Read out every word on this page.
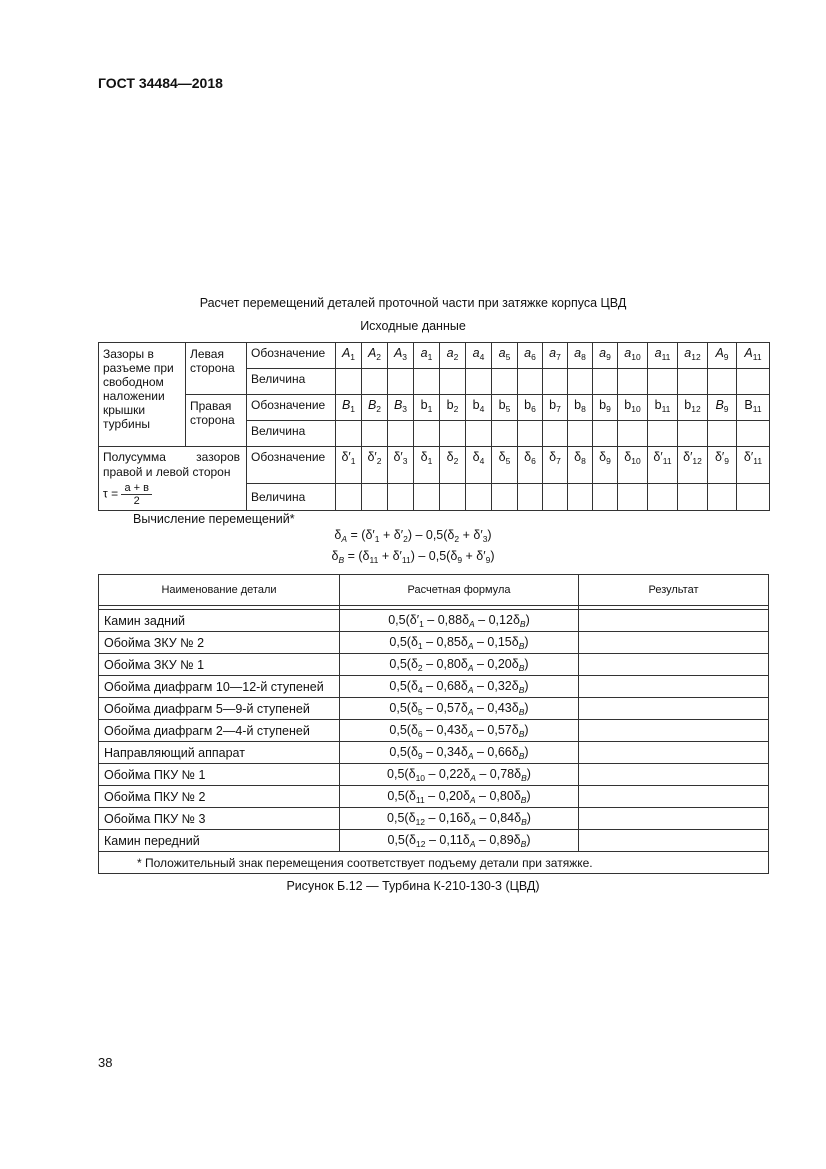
ГОСТ 34484—2018
Расчет перемещений деталей проточной части при затяжке корпуса ЦВД
Исходные данные
Зазоры в разъеме при свободном наложении крышки турбины	Левая сторона	Обозначение	$A_1$	$A_2$	$A_3$	$a_1$	$a_2$	$a_4$	$a_5$	$a_6$	$a_7$	$a_8$	$a_9$	$a_{10}$	$a_{11}$	$a_{12}$	$A_9$	$A_{11}$
		Величина																
	Правая сторона	Обозначение	$B_1$	$B_2$	$B_3$	$b_1$	$b_2$	$b_4$	$b_5$	$b_6$	$b_7$	$b_8$	$b_9$	$b_{10}$	$b_{11}$	$b_{12}$	$B_9$	$B_{11}$
		Величина																

Полусумма зазоров правой и левой сторон
$\tau = \frac{a + в}{2}$		Обозначение	$\delta'_1$	$\delta'_2$	$\delta'_3$	$\delta_1$	$\delta_2$	$\delta_4$	$\delta_5$	$\delta_6$	$\delta_7$	$\delta_8$	$\delta_9$	$\delta_{10}$	$\delta'_{11}$	$\delta'_{12}$	$\delta'_9$	$\delta'_{11}$
		Величина																
Вычисление перемещений*
$\delta_A = (\delta'_1 + \delta'_2) - 0,5(\delta_2 + \delta'_3)$
$\delta_B = (\delta_{11} + \delta'_{11}) - 0,5(\delta_9 + \delta'_9)$
Наименование детали	Расчетная формула	Результат

Камин задний	$0,5(\delta'_1 - 0,88\delta_A - 0,12\delta_B)$	
Обойма ЗКУ № 2	$0,5(\delta_1 - 0,85\delta_A - 0,15\delta_B)$	
Обойма ЗКУ № 1	$0,5(\delta_2 - 0,80\delta_A - 0,20\delta_B)$	
Обойма диафрагм 10—12-й ступеней	$0,5(\delta_4 - 0,68\delta_A - 0,32\delta_B)$	
Обойма диафрагм 5—9-й ступеней	$0,5(\delta_5 - 0,57\delta_A - 0,43\delta_B)$	
Обойма диафрагм 2—4-й ступеней	$0,5(\delta_6 - 0,43\delta_A - 0,57\delta_B)$	
Направляющий аппарат	$0,5(\delta_9 - 0,34\delta_A - 0,66\delta_B)$	
Обойма ПКУ № 1	$0,5(\delta_{10} - 0,22\delta_A - 0,78\delta_B)$	
Обойма ПКУ № 2	$0,5(\delta_{11} - 0,20\delta_A - 0,80\delta_B)$	
Обойма ПКУ № 3	$0,5(\delta_{12} - 0,16\delta_A - 0,84\delta_B)$	
Камин передний	$0,5(\delta_{12} - 0,11\delta_A - 0,89\delta_B)$	
* Положительный знак перемещения соответствует подъему детали при затяжке.		
Рисунок Б.12 — Турбина К-210-130-3 (ЦВД)
38
